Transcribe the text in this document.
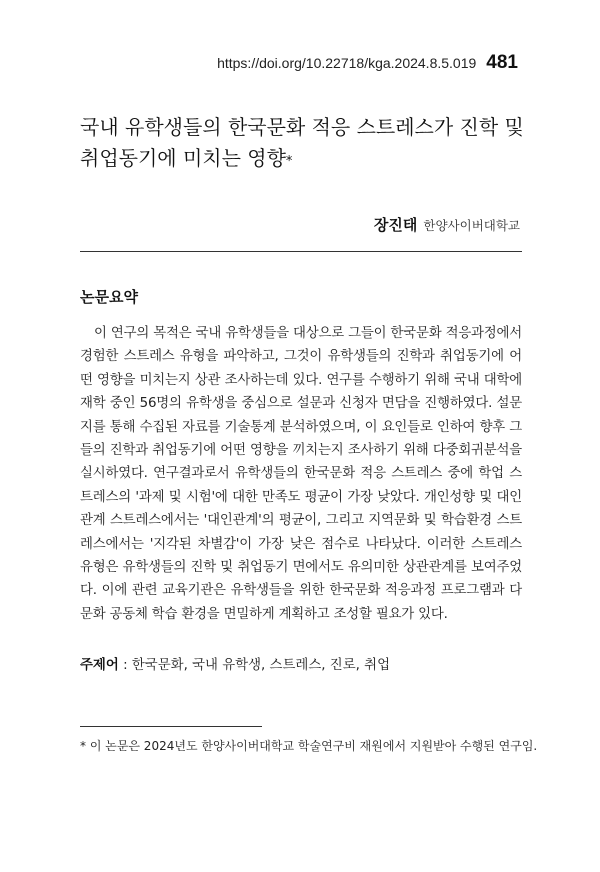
https://doi.org/10.22718/kga.2024.8.5.019 481
국내 유학생들의 한국문화 적응 스트레스가 진학 및 취업동기에 미치는 영향*
장진태 한양사이버대학교
논문요약

이 연구의 목적은 국내 유학생들을 대상으로 그들이 한국문화 적응과정에서 경험한 스트레스 유형을 파악하고, 그것이 유학생들의 진학과 취업동기에 어떤 영향을 미치는지 상관 조사하는데 있다. 연구를 수행하기 위해 국내 대학에 재학 중인 56명의 유학생을 중심으로 설문과 신청자 면담을 진행하였다. 설문지를 통해 수집된 자료를 기술통계 분석하였으며, 이 요인들로 인하여 향후 그들의 진학과 취업동기에 어떤 영향을 끼치는지 조사하기 위해 다중회귀분석을 실시하였다. 연구결과로서 유학생들의 한국문화 적응 스트레스 중에 학업 스트레스의 '과제 및 시험'에 대한 만족도 평균이 가장 낮았다. 개인성향 및 대인관계 스트레스에서는 '대인관계'의 평균이, 그리고 지역문화 및 학습환경 스트레스에서는 '지각된 차별감'이 가장 낮은 점수로 나타났다. 이러한 스트레스 유형은 유학생들의 진학 및 취업동기 면에서도 유의미한 상관관계를 보여주었다. 이에 관련 교육기관은 유학생들을 위한 한국문화 적응과정 프로그램과 다문화 공동체 학습 환경을 면밀하게 계획하고 조성할 필요가 있다.

주제어 : 한국문화, 국내 유학생, 스트레스, 진로, 취업

* 이 논문은 2024년도 한양사이버대학교 학술연구비 재원에서 지원받아 수행된 연구임.
